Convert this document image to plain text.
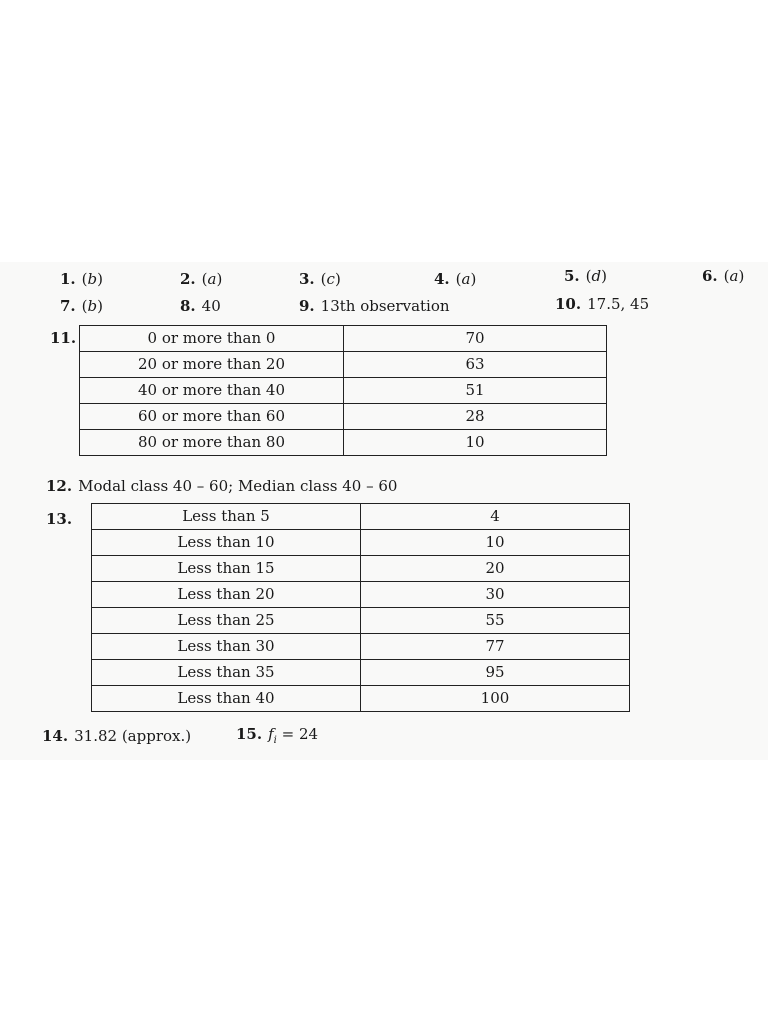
1. (b)	2. (a)	3. (c)	4. (a)	5. (d)	6. (a)
7. (b)	8. 40	9. 13th observation	10. 17.5, 45
11.	0 or more than 0	70
20 or more than 20	63
40 or more than 40	51
60 or more than 60	28
80 or more than 80	10
12. Modal class 40 – 60; Median class 40 – 60
13.	Less than 5	4
Less than 10	10
Less than 15	20
Less than 20	30
Less than 25	55
Less than 30	77
Less than 35	95
Less than 40	100
14. 31.82 (approx.)	15. $f_i = 24$
